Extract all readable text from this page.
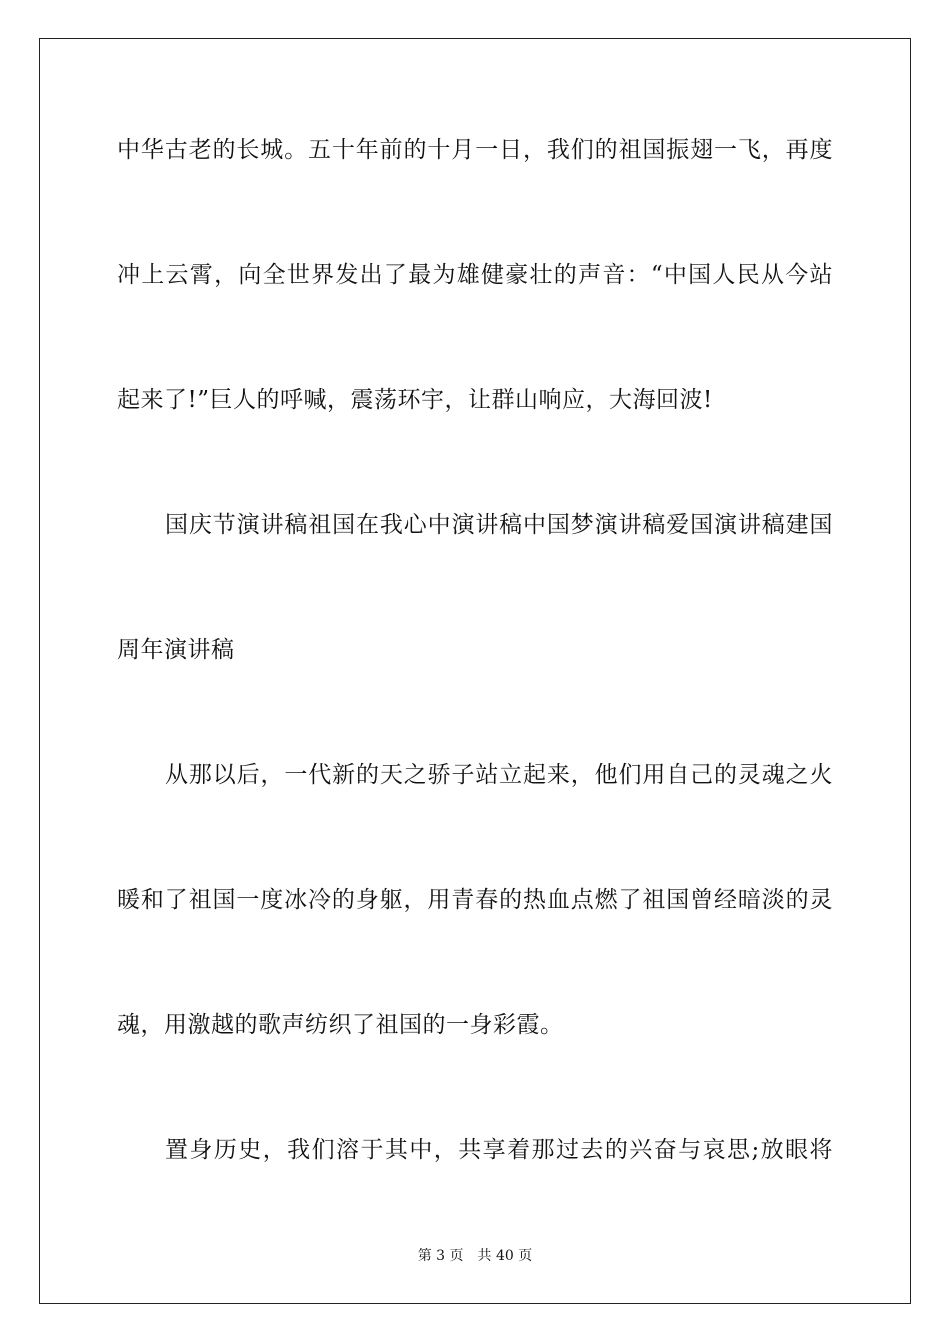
中华古老的长城。五十年前的十月一日，我们的祖国振翅一飞，再度
冲上云霄，向全世界发出了最为雄健豪壮的声音：“中国人民从今站
起来了!”巨人的呼喊，震荡环宇，让群山响应，大海回波!
国庆节演讲稿祖国在我心中演讲稿中国梦演讲稿爱国演讲稿建国
周年演讲稿
从那以后，一代新的天之骄子站立起来，他们用自己的灵魂之火
暖和了祖国一度冰冷的身躯，用青春的热血点燃了祖国曾经暗淡的灵
魂，用激越的歌声纺织了祖国的一身彩霞。
置身历史，我们溶于其中，共享着那过去的兴奋与哀思;放眼将
第 3 页 共 40 页
